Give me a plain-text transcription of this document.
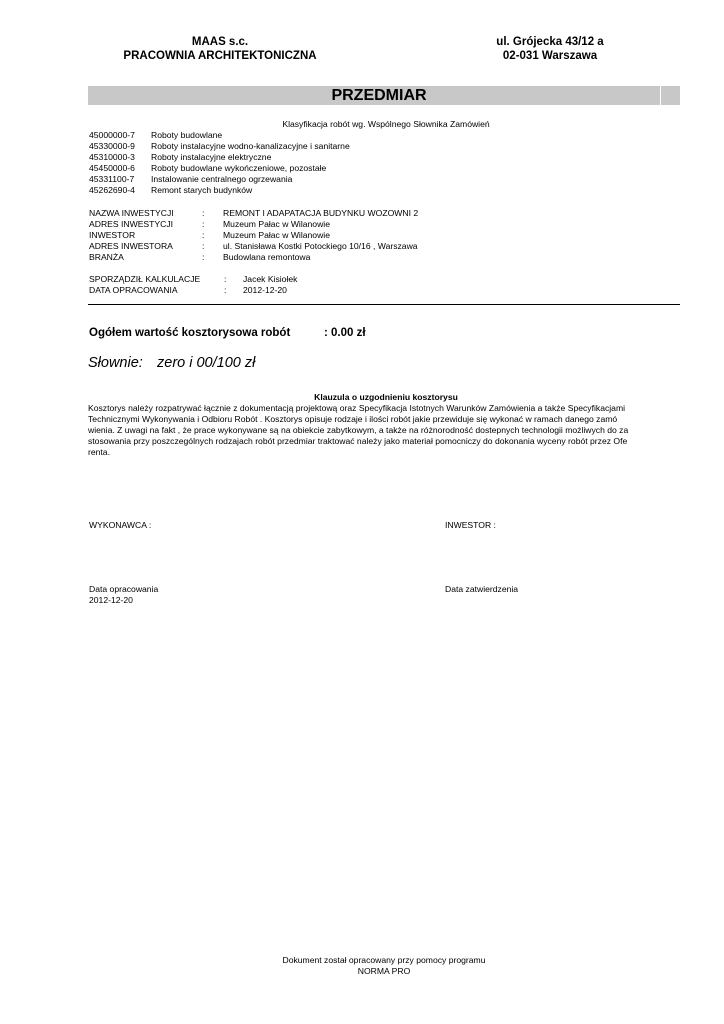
MAAS s.c.
PRACOWNIA ARCHITEKTONICZNA
ul. Grójecka 43/12 a
02-031 Warszawa
PRZEDMIAR
Klasyfikacja robót wg. Wspólnego Słownika Zamówień
45000000-7	Roboty budowlane
45330000-9	Roboty instalacyjne wodno-kanalizacyjne i sanitarne
45310000-3	Roboty instalacyjne elektryczne
45450000-6	Roboty budowlane wykończeniowe, pozostałe
45331100-7	Instalowanie centralnego ogrzewania
45262690-4	Remont starych budynków
NAZWA INWESTYCJI	:	REMONT I ADAPATACJA BUDYNKU WOZOWNI 2
ADRES INWESTYCJI	:	Muzeum Pałac w Wilanowie
INWESTOR	:	Muzeum Pałac w Wilanowie
ADRES INWESTORA	:	ul. Stanisława Kostki Potockiego 10/16 , Warszawa
BRANŻA	:	Budowlana remontowa
SPORZĄDZIŁ KALKULACJE	:	Jacek Kisiołek
DATA OPRACOWANIA	:	2012-12-20
Ogółem wartość kosztorysowa robót	: 0.00 zł
Słownie: zero i 00/100 zł
Klauzula o uzgodnieniu kosztorysu
Kosztorys należy rozpatrywać łącznie z dokumentacją projektową oraz Specyfikacja Istotnych Warunków Zamówienia a także Specyfikacjami
Technicznymi Wykonywania i Odbioru Robót . Kosztorys opisuje rodzaje i ilości robót jakie przewiduje się wykonać w ramach danego zamó
wienia. Z uwagi na fakt , że prace wykonywane są na obiekcie zabytkowym, a także na różnorodność dostepnych technologii możliwych do za
stosowania przy poszczególnych rodzajach robót przedmiar traktować należy jako materiał pomocniczy do dokonania wyceny robót przez Ofe
renta.
WYKONAWCA :	INWESTOR :
Data opracowania
2012-12-20
Data zatwierdzenia
Dokument został opracowany przy pomocy programu
NORMA PRO
